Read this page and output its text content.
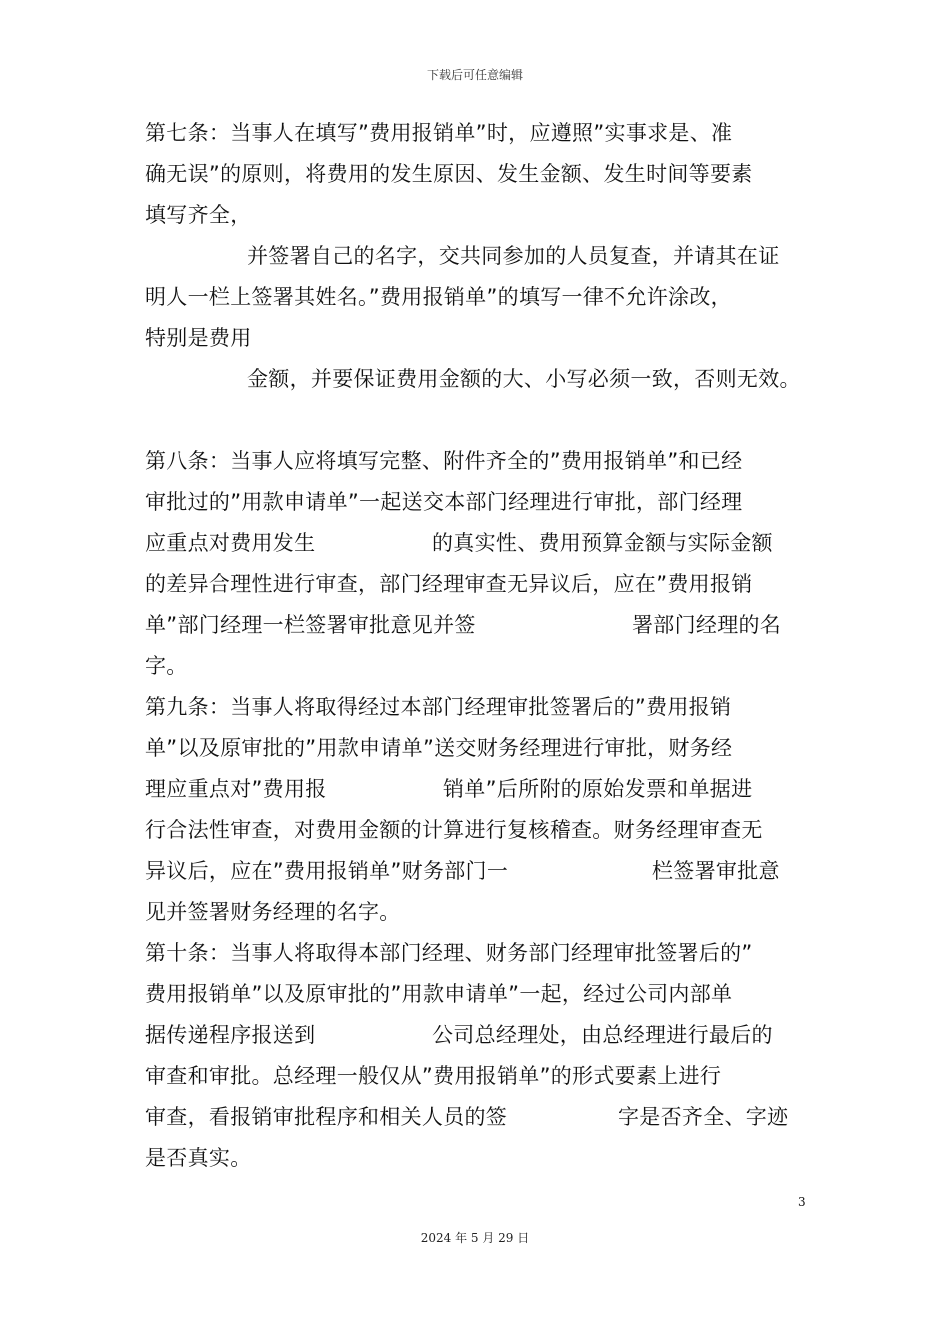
下载后可任意编辑
第七条：当事人在填写”费用报销单”时，应遵照”实事求是、准
确无误”的原则，将费用的发生原因、发生金额、发生时间等要素
填写齐全，
并签署自己的名字，交共同参加的人员复查，并请其在证
明人一栏上签署其姓名。”费用报销单”的填写一律不允许涂改，
特别是费用
金额，并要保证费用金额的大、小写必须一致，否则无效。
第八条：当事人应将填写完整、附件齐全的”费用报销单”和已经
审批过的”用款申请单”一起送交本部门经理进行审批，部门经理
应重点对费用发生	的真实性、费用预算金额与实际金额
的差异合理性进行审查，部门经理审查无异议后，应在”费用报销
单”部门经理一栏签署审批意见并签	署部门经理的名
字。
第九条：当事人将取得经过本部门经理审批签署后的”费用报销
单”以及原审批的”用款申请单”送交财务经理进行审批，财务经
理应重点对”费用报	销单”后所附的原始发票和单据进
行合法性审查，对费用金额的计算进行复核稽查。财务经理审查无
异议后，应在”费用报销单”财务部门一	栏签署审批意
见并签署财务经理的名字。
第十条：当事人将取得本部门经理、财务部门经理审批签署后的”
费用报销单”以及原审批的”用款申请单”一起，经过公司内部单
据传递程序报送到	公司总经理处，由总经理进行最后的
审查和审批。总经理一般仅从”费用报销单”的形式要素上进行
审查，看报销审批程序和相关人员的签	字是否齐全、字迹
是否真实。
3
2024 年 5 月 29 日
